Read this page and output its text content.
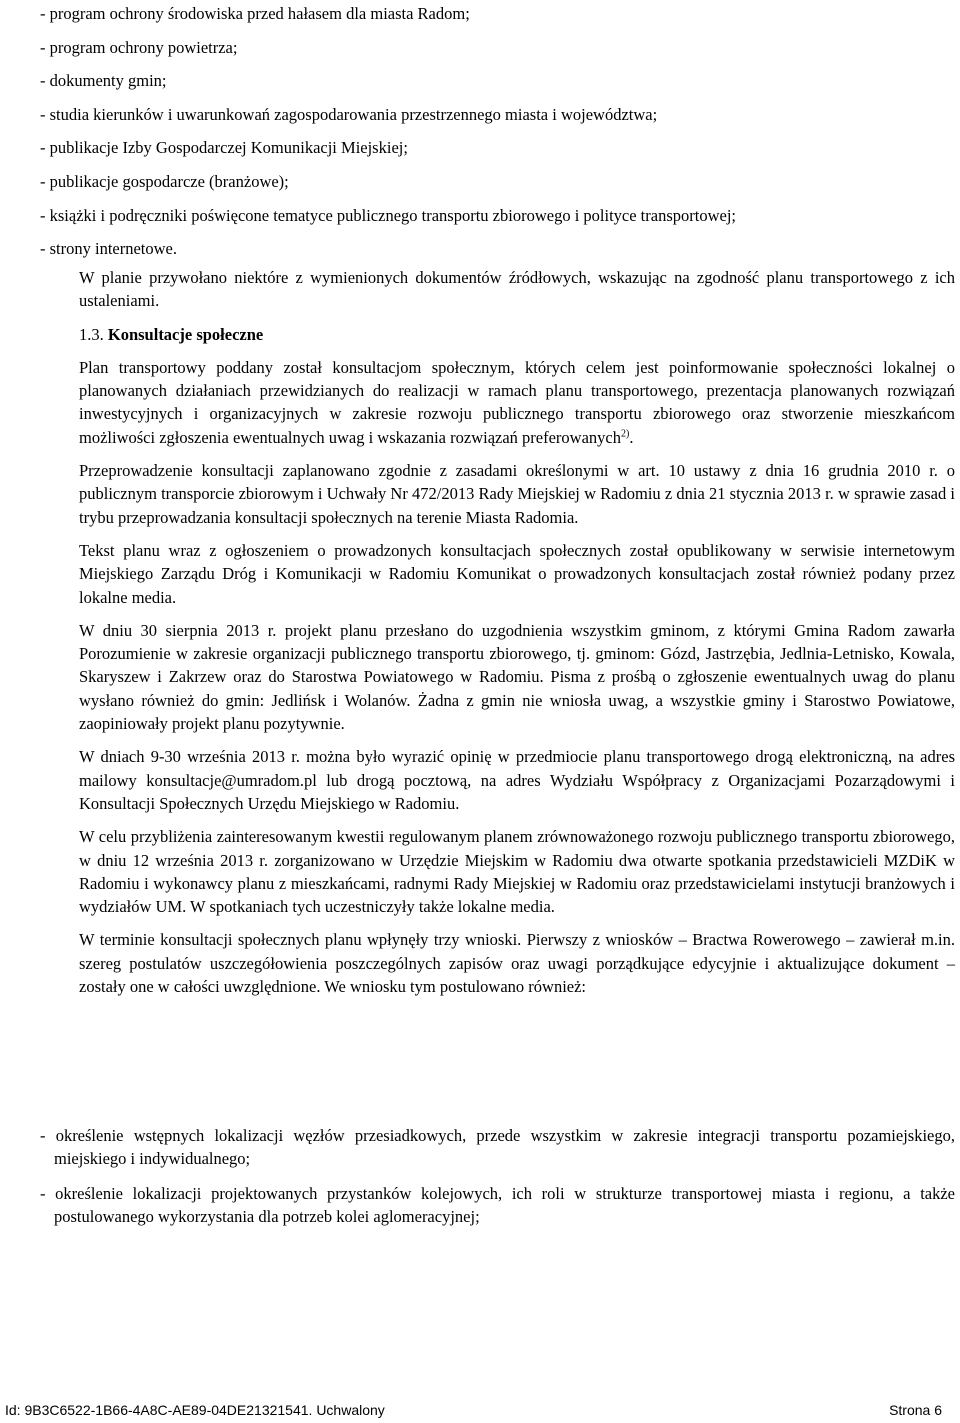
- program ochrony środowiska przed hałasem dla miasta Radom;
- program ochrony powietrza;
- dokumenty gmin;
- studia kierunków i uwarunkowań zagospodarowania przestrzennego miasta i województwa;
- publikacje Izby Gospodarczej Komunikacji Miejskiej;
- publikacje gospodarcze (branżowe);
- książki i podręczniki poświęcone tematyce publicznego transportu zbiorowego i polityce transportowej;
- strony internetowe.

W planie przywołano niektóre z wymienionych dokumentów źródłowych, wskazując na zgodność planu transportowego z ich ustaleniami.

1.3. Konsultacje społeczne

Plan transportowy poddany został konsultacjom społecznym, których celem jest poinformowanie społeczności lokalnej o planowanych działaniach przewidzianych do realizacji w ramach planu transportowego, prezentacja planowanych rozwiązań inwestycyjnych i organizacyjnych w zakresie rozwoju publicznego transportu zbiorowego oraz stworzenie mieszkańcom możliwości zgłoszenia ewentualnych uwag i wskazania rozwiązań preferowanych$^{2)}$.

Przeprowadzenie konsultacji zaplanowano zgodnie z zasadami określonymi w art. 10 ustawy z dnia 16 grudnia 2010 r. o publicznym transporcie zbiorowym i Uchwały Nr 472/2013 Rady Miejskiej w Radomiu z dnia 21 stycznia 2013 r. w sprawie zasad i trybu przeprowadzania konsultacji społecznych na terenie Miasta Radomia.

Tekst planu wraz z ogłoszeniem o prowadzonych konsultacjach społecznych został opublikowany w serwisie internetowym Miejskiego Zarządu Dróg i Komunikacji w Radomiu Komunikat o prowadzonych konsultacjach został również podany przez lokalne media.

W dniu 30 sierpnia 2013 r. projekt planu przesłano do uzgodnienia wszystkim gminom, z którymi Gmina Radom zawarła Porozumienie w zakresie organizacji publicznego transportu zbiorowego, tj. gminom: Gózd, Jastrzębia, Jedlnia-Letnisko, Kowala, Skaryszew i Zakrzew oraz do Starostwa Powiatowego w Radomiu. Pisma z prośbą o zgłoszenie ewentualnych uwag do planu wysłano również do gmin: Jedlińsk i Wolanów. Żadna z gmin nie wniosła uwag, a wszystkie gminy i Starostwo Powiatowe, zaopiniowały projekt planu pozytywnie.

W dniach 9-30 września 2013 r. można było wyrazić opinię w przedmiocie planu transportowego drogą elektroniczną, na adres mailowy konsultacje@umradom.pl lub drogą pocztową, na adres Wydziału Współpracy z Organizacjami Pozarządowymi i Konsultacji Społecznych Urzędu Miejskiego w Radomiu.

W celu przybliżenia zainteresowanym kwestii regulowanym planem zrównoważonego rozwoju publicznego transportu zbiorowego, w dniu 12 września 2013 r. zorganizowano w Urzędzie Miejskim w Radomiu dwa otwarte spotkania przedstawicieli MZDiK w Radomiu i wykonawcy planu z mieszkańcami, radnymi Rady Miejskiej w Radomiu oraz przedstawicielami instytucji branżowych i wydziałów UM. W spotkaniach tych uczestniczyły także lokalne media.

W terminie konsultacji społecznych planu wpłynęły trzy wnioski. Pierwszy z wniosków – Bractwa Rowerowego – zawierał m.in. szereg postulatów uszczegółowienia poszczególnych zapisów oraz uwagi porządkujące edycyjnie i aktualizujące dokument – zostały one w całości uwzględnione. We wniosku tym postulowano również:

- określenie wstępnych lokalizacji węzłów przesiadkowych, przede wszystkim w zakresie integracji transportu pozamiejskiego, miejskiego i indywidualnego;
- określenie lokalizacji projektowanych przystanków kolejowych, ich roli w strukturze transportowej miasta i regionu, a także postulowanego wykorzystania dla potrzeb kolei aglomeracyjnej;
Id: 9B3C6522-1B66-4A8C-AE89-04DE21321541. Uchwalony	Strona 6
